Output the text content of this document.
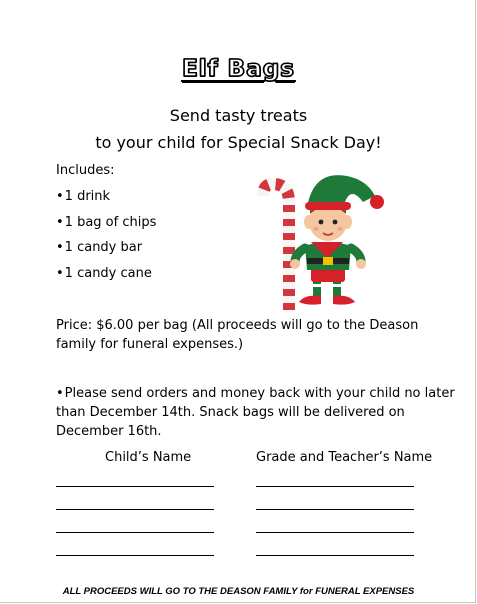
Elf Bags
Send tasty treats
to your child for Special Snack Day!
Includes:
• 1 drink
• 1 bag of chips
• 1 candy bar
• 1 candy cane
Price: $6.00 per bag (All proceeds will go to the Deason
family for funeral expenses.)
• Please send orders and money back with your child no later
than December 14th. Snack bags will be delivered on
December 16th.
Child’s Name	Grade and Teacher’s Name
ALL PROCEEDS WILL GO TO THE DEASON FAMILY for FUNERAL EXPENSES
